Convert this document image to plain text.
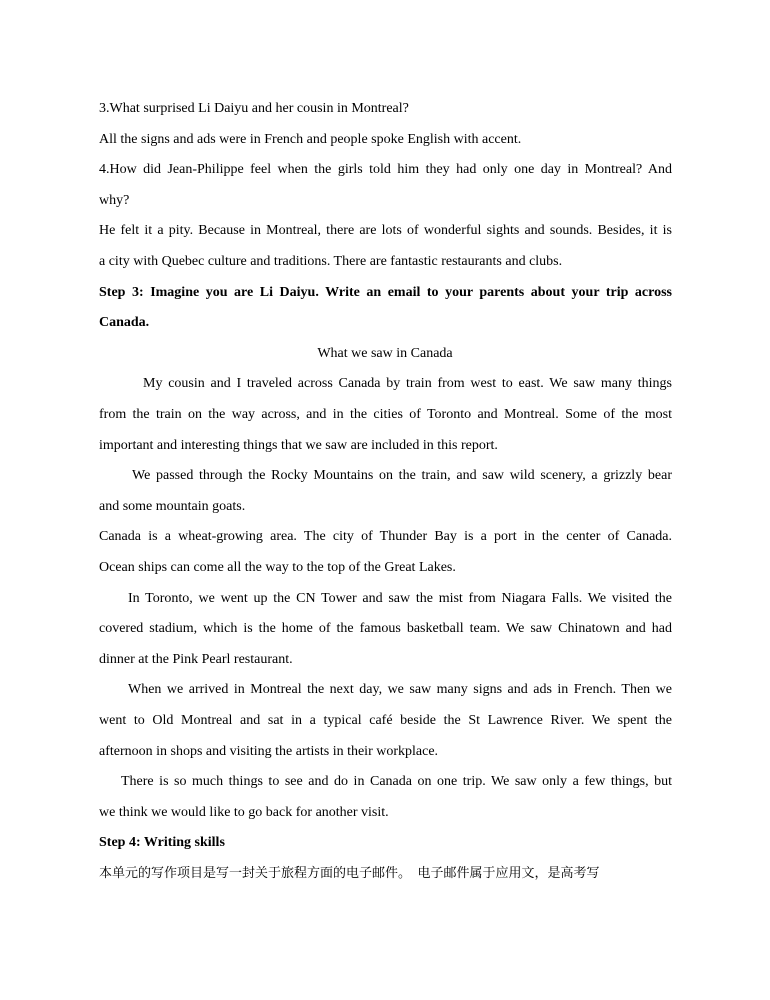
3.What surprised Li Daiyu and her cousin in Montreal?
All the signs and ads were in French and people spoke English with accent.
4.How did Jean-Philippe feel when the girls told him they had only one day in Montreal? And
why?
He felt it a pity. Because in Montreal, there are lots of wonderful sights and sounds. Besides, it is
a city with Quebec culture and traditions. There are fantastic restaurants and clubs.
Step 3: Imagine you are Li Daiyu. Write an email to your parents about your trip across
Canada.
What we saw in Canada
My cousin and I traveled across Canada by train from west to east. We saw many things
from the train on the way across, and in the cities of Toronto and Montreal. Some of the most
important and interesting things that we saw are included in this report.
We passed through the Rocky Mountains on the train, and saw wild scenery, a grizzly bear
and some mountain goats.
Canada is a wheat-growing area. The city of Thunder Bay is a port in the center of Canada.
Ocean ships can come all the way to the top of the Great Lakes.
In Toronto, we went up the CN Tower and saw the mist from Niagara Falls. We visited the
covered stadium, which is the home of the famous basketball team. We saw Chinatown and had
dinner at the Pink Pearl restaurant.
When we arrived in Montreal the next day, we saw many signs and ads in French. Then we
went to Old Montreal and sat in a typical café beside the St Lawrence River. We spent the
afternoon in shops and visiting the artists in their workplace.
There is so much things to see and do in Canada on one trip. We saw only a few things, but
we think we would like to go back for another visit.
Step 4: Writing skills
本单元的写作项目是写一封关于旅程方面的电子邮件。　电子邮件属于应用文，是高考写
